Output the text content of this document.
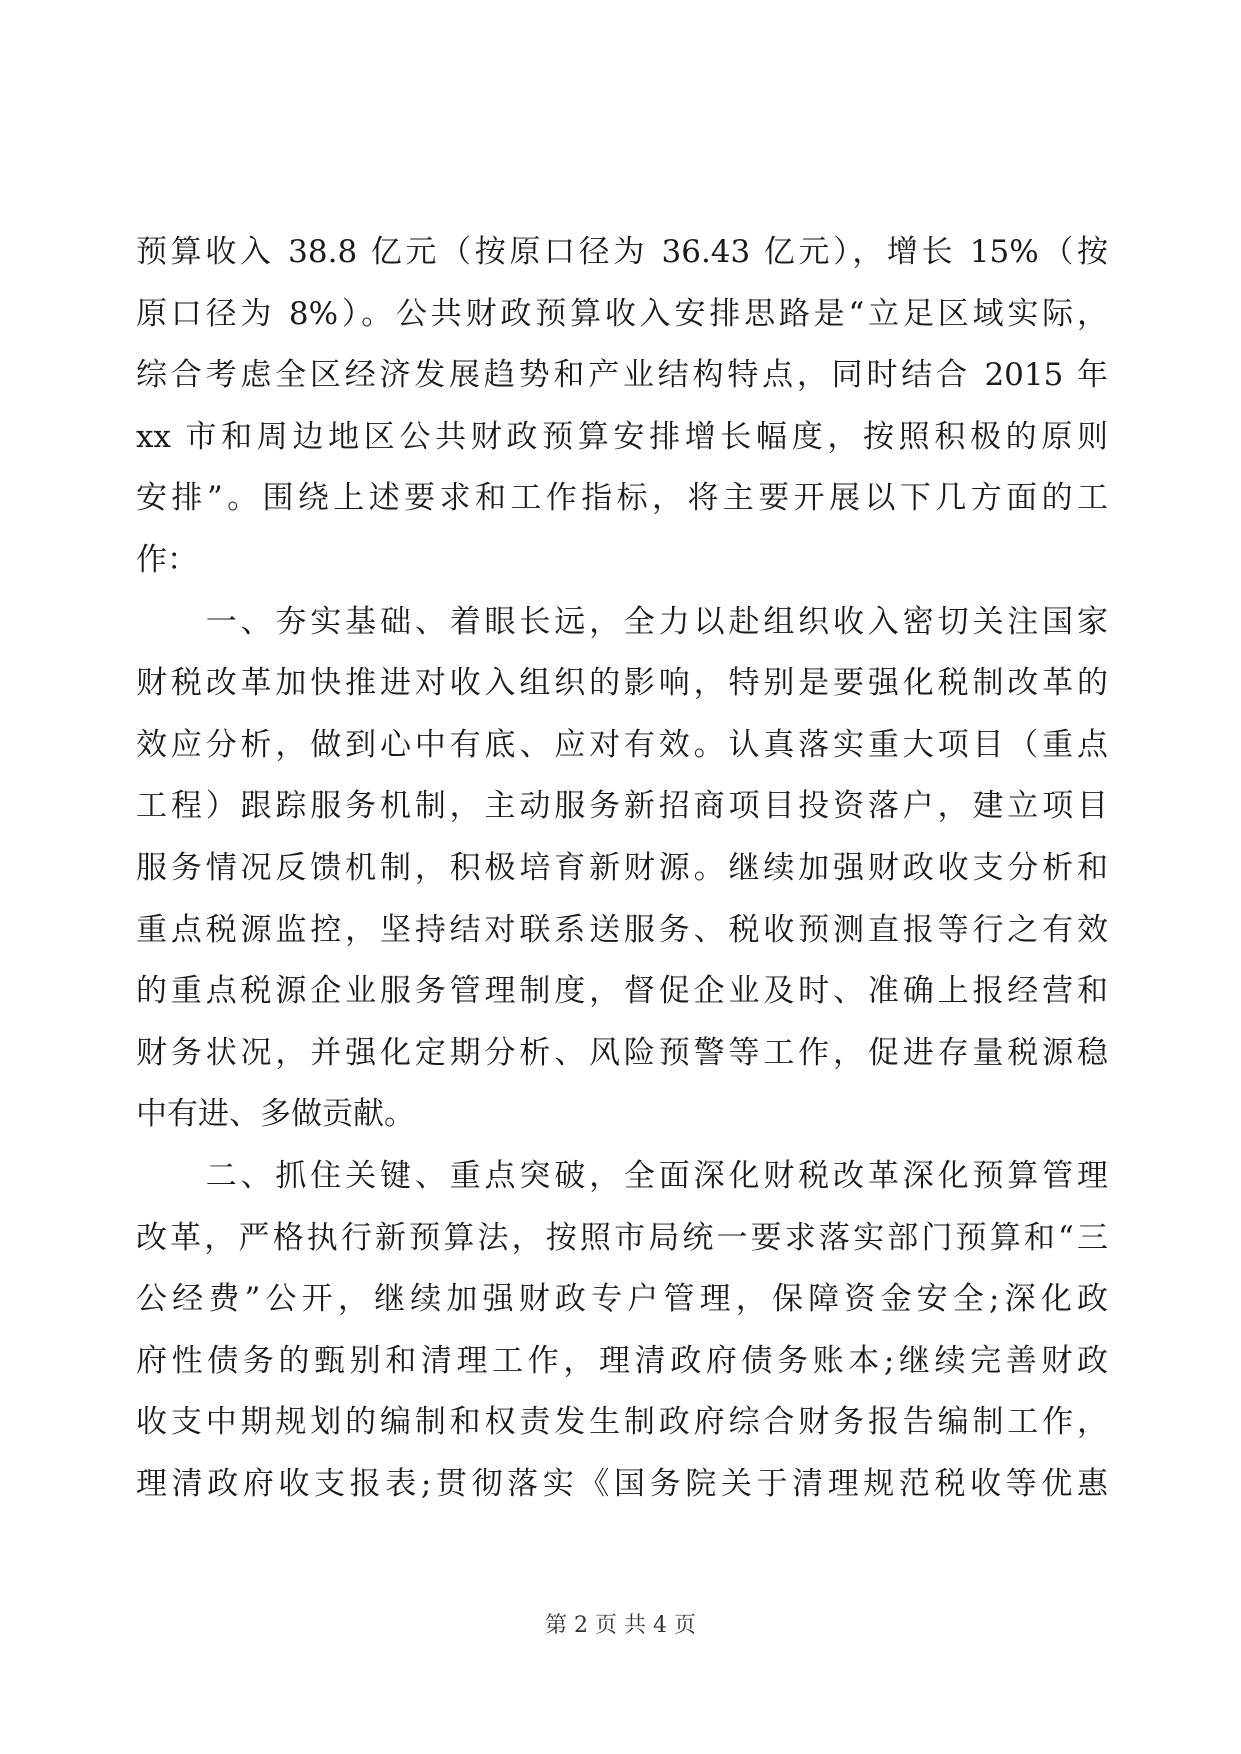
预算收入 38.8 亿元（按原口径为 36.43 亿元），增长 15%（按
原口径为 8%）。公共财政预算收入安排思路是“立足区域实际，
综合考虑全区经济发展趋势和产业结构特点，同时结合 2015 年
xx 市和周边地区公共财政预算安排增长幅度，按照积极的原则
安排”。围绕上述要求和工作指标，将主要开展以下几方面的工
作：
　　一、夯实基础、着眼长远，全力以赴组织收入密切关注国家
财税改革加快推进对收入组织的影响，特别是要强化税制改革的
效应分析，做到心中有底、应对有效。认真落实重大项目（重点
工程）跟踪服务机制，主动服务新招商项目投资落户，建立项目
服务情况反馈机制，积极培育新财源。继续加强财政收支分析和
重点税源监控，坚持结对联系送服务、税收预测直报等行之有效
的重点税源企业服务管理制度，督促企业及时、准确上报经营和
财务状况，并强化定期分析、风险预警等工作，促进存量税源稳
中有进、多做贡献。
　　二、抓住关键、重点突破，全面深化财税改革深化预算管理
改革，严格执行新预算法，按照市局统一要求落实部门预算和“三
公经费”公开，继续加强财政专户管理，保障资金安全;深化政
府性债务的甄别和清理工作，理清政府债务账本;继续完善财政
收支中期规划的编制和权责发生制政府综合财务报告编制工作，
理清政府收支报表;贯彻落实《国务院关于清理规范税收等优惠
第 2 页 共 4 页
